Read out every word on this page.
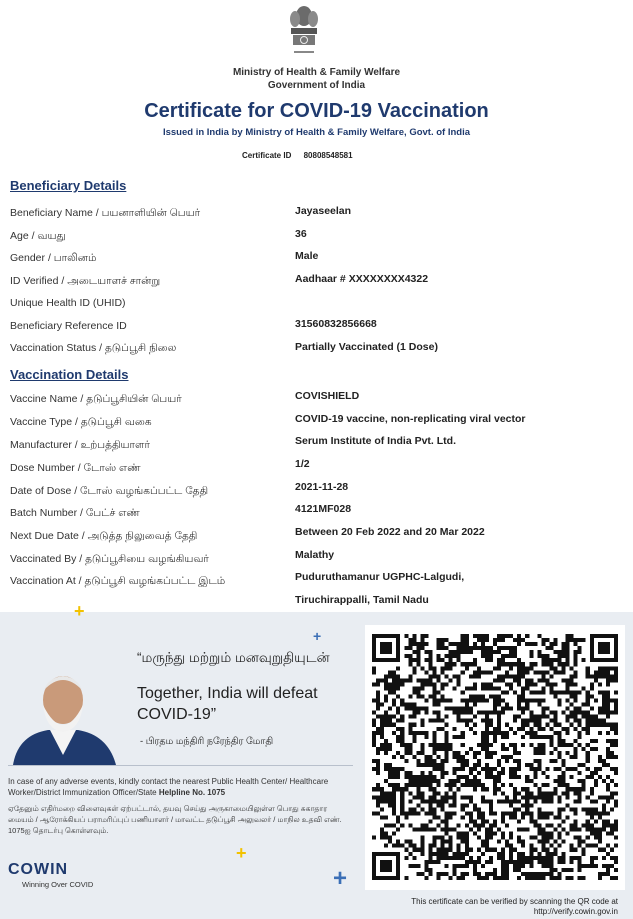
Ministry of Health & Family Welfare
Government of India
Certificate for COVID-19 Vaccination
Issued in India by Ministry of Health & Family Welfare, Govt. of India
Certificate ID 80808548581
Beneficiary Details
Beneficiary Name / பயனாளியின் பெயர்	Jayaseelan
Age / வயது	36
Gender / பாலினம்	Male
ID Verified / அடையாளச் சான்று	Aadhaar # XXXXXXXX4322
Unique Health ID (UHID)
Beneficiary Reference ID	31560832856668
Vaccination Status / தடுப்பூசி நிலை	Partially Vaccinated (1 Dose)
Vaccination Details
Vaccine Name / தடுப்பூசியின் பெயர்	COVISHIELD
Vaccine Type / தடுப்பூசி வகை	COVID-19 vaccine, non-replicating viral vector
Manufacturer / உற்பத்தியாளர்	Serum Institute of India Pvt. Ltd.
Dose Number / டோஸ் எண்	1/2
Date of Dose / டோஸ் வழங்கப்பட்ட தேதி	2021-11-28
Batch Number / பேட்ச் எண்	4121MF028
Next Due Date / அடுத்த நிலுவைத் தேதி	Between 20 Feb 2022 and 20 Mar 2022
Vaccinated By / தடுப்பூசியை வழங்கியவர்	Malathy
Vaccination At / தடுப்பூசி வழங்கப்பட்ட இடம்	Puduruthamanur UGPHC-Lalgudi,
Tiruchirappalli, Tamil Nadu
+
+
+
+
“மருந்து மற்றும் மனவுறுதியுடன்
Together, India will defeat COVID-19”
- பிரதம மந்திரி நரேந்திர மோதி
In case of any adverse events, kindly contact the nearest Public Health Center/ Healthcare Worker/District Immunization Officer/State Helpline No. 1075
ஏதேனும் எதிர்மறை விளைவுகள் ஏற்பட்டால், தயவு செய்து அருகாமையிலுள்ள பொது சுகாதார மையம் / ஆரோக்கியப் பராமரிப்புப் பணியாளர் / மாவட்ட தடுப்பூசி அலுவலர் / மாநில உதவி எண். 1075ஐ தொடர்பு கொள்ளவும்.
COWIN
Winning Over COVID
This certificate can be verified by scanning the QR code at
http://verify.cowin.gov.in
